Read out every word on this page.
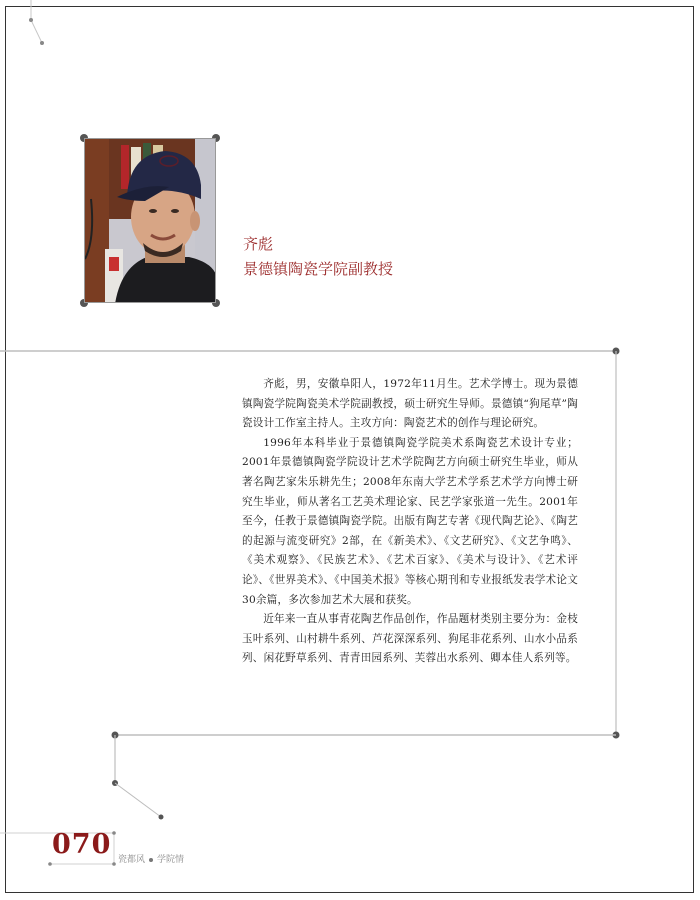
齐彪
景德镇陶瓷学院副教授

齐彪，男，安徽阜阳人，1972年11月生。艺术学博士。现为景德镇陶瓷学院陶瓷美术学院副教授，硕士研究生导师。景德镇“狗尾草”陶瓷设计工作室主持人。主攻方向：陶瓷艺术的创作与理论研究。

1996年本科毕业于景德镇陶瓷学院美术系陶瓷艺术设计专业；2001年景德镇陶瓷学院设计艺术学院陶艺方向硕士研究生毕业，师从著名陶艺家朱乐耕先生；2008年东南大学艺术学系艺术学方向博士研究生毕业，师从著名工艺美术理论家、民艺学家张道一先生。2001年至今，任教于景德镇陶瓷学院。出版有陶艺专著《现代陶艺论》、《陶艺的起源与流变研究》2部，在《新美术》、《文艺研究》、《文艺争鸣》、《美术观察》、《民族艺术》、《艺术百家》、《美术与设计》、《艺术评论》、《世界美术》、《中国美术报》等核心期刊和专业报纸发表学术论文30余篇，多次参加艺术大展和获奖。

近年来一直从事青花陶艺作品创作，作品题材类别主要分为：金枝玉叶系列、山村耕牛系列、芦花深深系列、狗尾非花系列、山水小品系列、闲花野草系列、青青田园系列、芙蓉出水系列、卿本佳人系列等。

070 瓷都风 学院情
